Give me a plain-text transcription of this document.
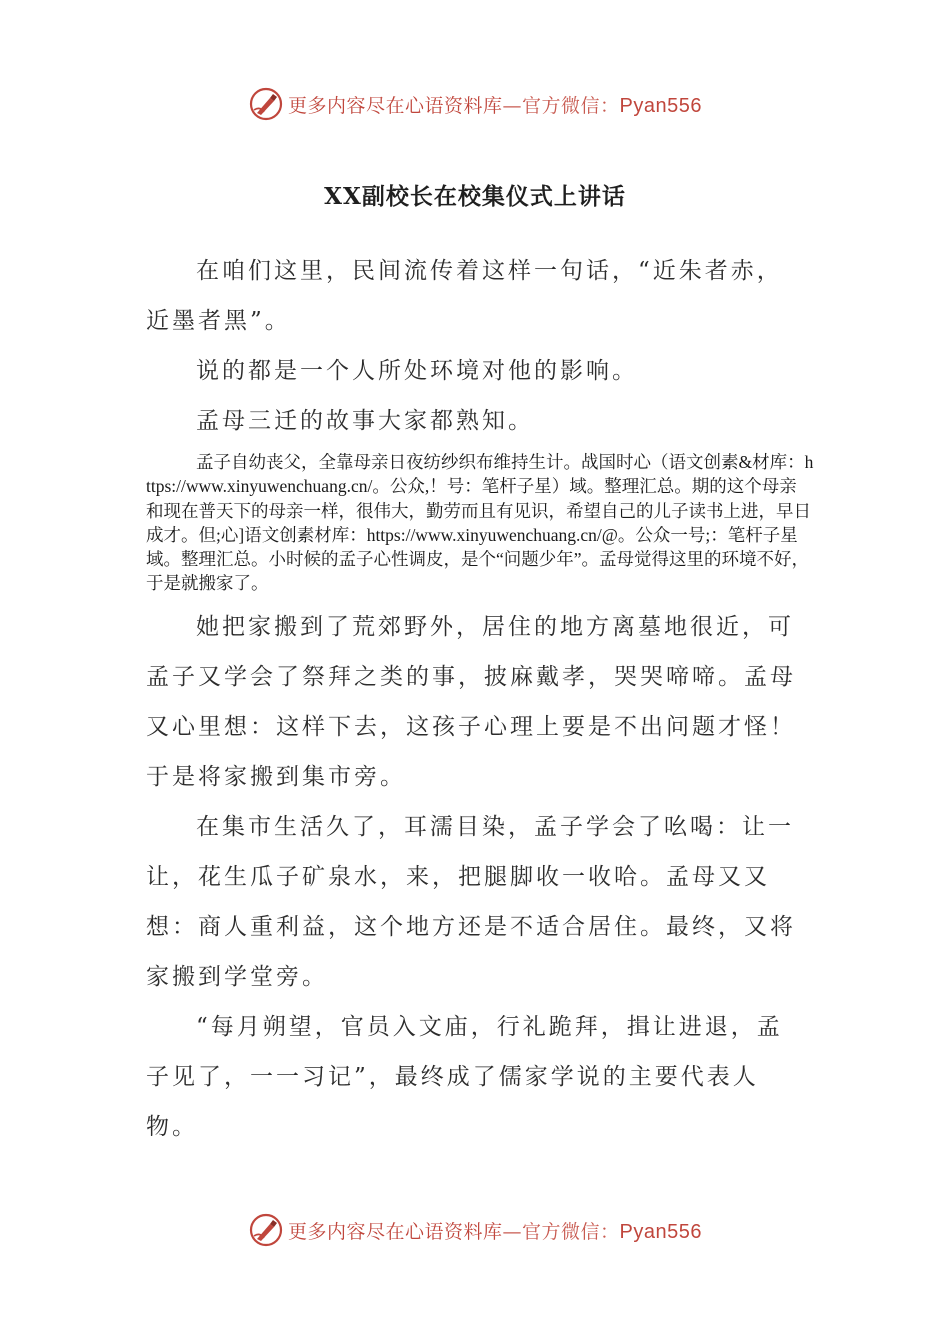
更多内容尽在心语资料库—官方微信：Pyan556
XX副校长在校集仪式上讲话

在咱们这里，民间流传着这样一句话，“近朱者赤，近墨者黑”。

说的都是一个人所处环境对他的影响。

孟母三迁的故事大家都熟知。

孟子自幼丧父，全靠母亲日夜纺纱织布维持生计。战国时心（语文创素&材库：https://www.xinyuwenchuang.cn/。公众,！号：笔杆子星）域。整理汇总。期的这个母亲和现在普天下的母亲一样，很伟大，勤劳而且有见识，希望自己的儿子读书上进，早日成才。但;心]语文创素材库：https://www.xinyuwenchuang.cn/@。公众一号;：笔杆子星域。整理汇总。小时候的孟子心性调皮，是个“问题少年”。孟母觉得这里的环境不好，于是就搬家了。

她把家搬到了荒郊野外，居住的地方离墓地很近，可孟子又学会了祭拜之类的事，披麻戴孝，哭哭啼啼。孟母又心里想：这样下去，这孩子心理上要是不出问题才怪！于是将家搬到集市旁。

在集市生活久了，耳濡目染，孟子学会了吆喝：让一让，花生瓜子矿泉水，来，把腿脚收一收哈。孟母又又想：商人重利益，这个地方还是不适合居住。最终，又将家搬到学堂旁。

“每月朔望，官员入文庙，行礼跪拜，揖让进退，孟子见了，一一习记”，最终成了儒家学说的主要代表人物。

更多内容尽在心语资料库—官方微信：Pyan556
